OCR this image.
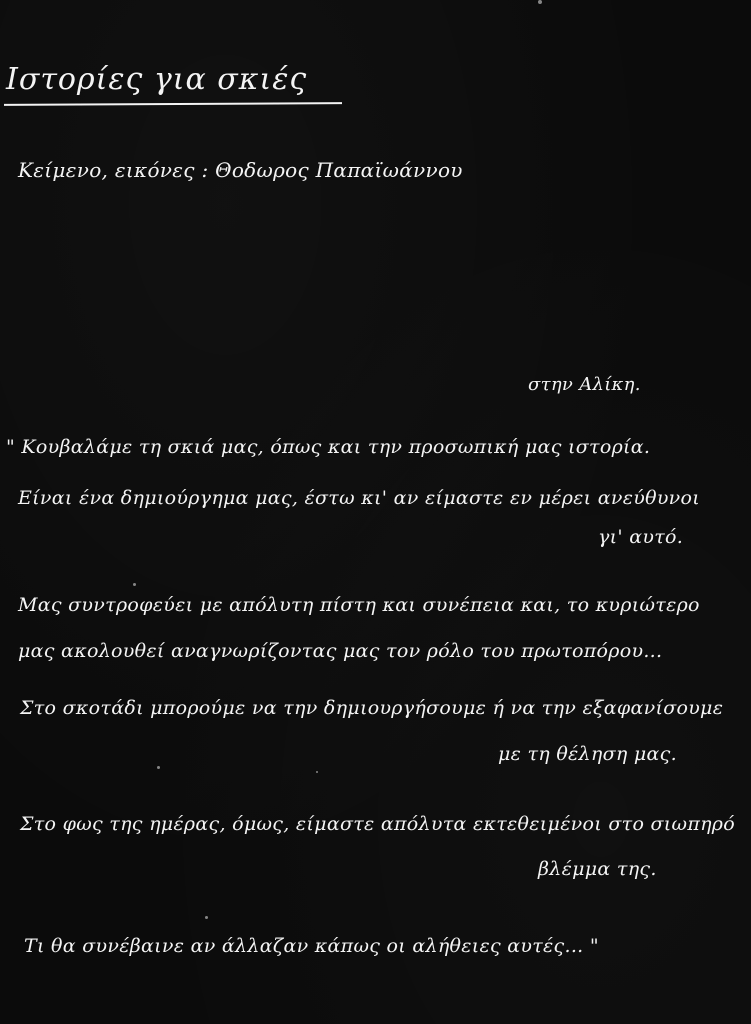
Ιστορίες για σκιές
Κείμενο, εικόνες : Θοδωρος Παπαϊωάννου
στην Αλίκη.
" Κουβαλάμε τη σκιά μας, όπως και την προσωπική μας ιστορία.
Είναι ένα δημιούργημα μας, έστω κι' αν είμαστε εν μέρει ανεύθυνοι
γι' αυτό.
Μας συντροφεύει με απόλυτη πίστη και συνέπεια και, το κυριώτερο
μας ακολουθεί αναγνωρίζοντας μας τον ρόλο του πρωτοπόρου...
Στο σκοτάδι μπορούμε να την δημιουργήσουμε ή να την εξαφανίσουμε
με τη θέληση μας.
Στο φως της ημέρας, όμως, είμαστε απόλυτα εκτεθειμένοι στο σιωπηρό
βλέμμα της.
Τι θα συνέβαινε αν άλλαζαν κάπως οι αλήθειες αυτές... "
